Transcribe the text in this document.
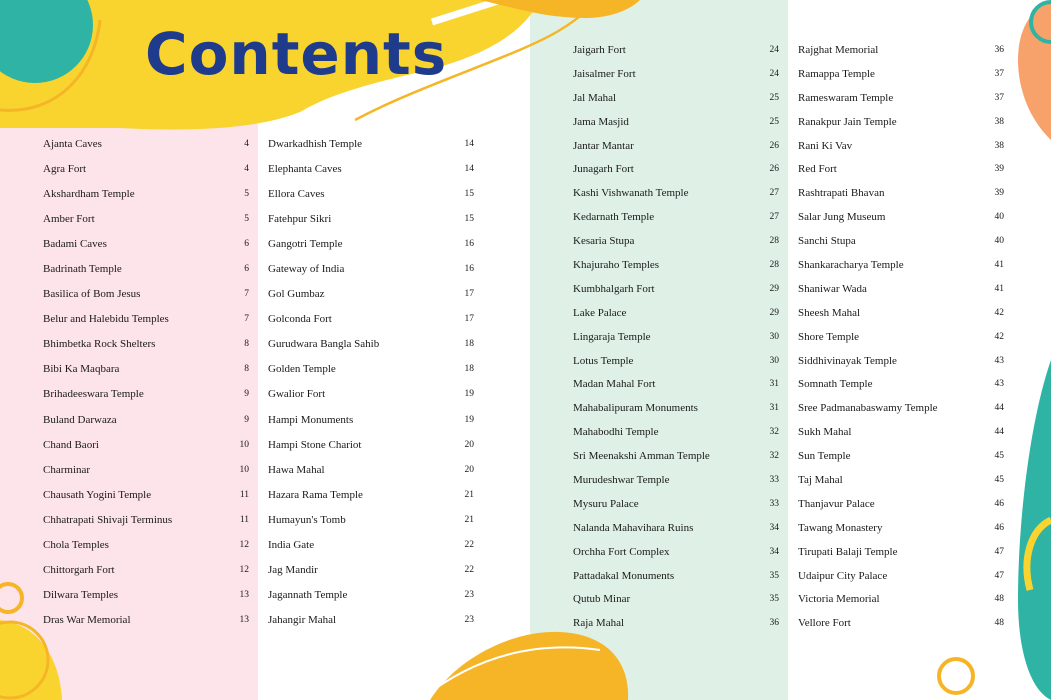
Contents
Ajanta Caves	4
Agra Fort	4
Akshardham Temple	5
Amber Fort	5
Badami Caves	6
Badrinath Temple	6
Basilica of Bom Jesus	7
Belur and Halebidu Temples	7
Bhimbetka Rock Shelters	8
Bibi Ka Maqbara	8
Brihadeeswara Temple	9
Buland Darwaza	9
Chand Baori	10
Charminar	10
Chausath Yogini Temple	11
Chhatrapati Shivaji Terminus	11
Chola Temples	12
Chittorgarh Fort	12
Dilwara Temples	13
Dras War Memorial	13
Dwarkadhish Temple	14
Elephanta Caves	14
Ellora Caves	15
Fatehpur Sikri	15
Gangotri Temple	16
Gateway of India	16
Gol Gumbaz	17
Golconda Fort	17
Gurudwara Bangla Sahib	18
Golden Temple	18
Gwalior Fort	19
Hampi Monuments	19
Hampi Stone Chariot	20
Hawa Mahal	20
Hazara Rama Temple	21
Humayun's Tomb	21
India Gate	22
Jag Mandir	22
Jagannath Temple	23
Jahangir Mahal	23
Jaigarh Fort	24
Jaisalmer Fort	24
Jal Mahal	25
Jama Masjid	25
Jantar Mantar	26
Junagarh Fort	26
Kashi Vishwanath Temple	27
Kedarnath Temple	27
Kesaria Stupa	28
Khajuraho Temples	28
Kumbhalgarh Fort	29
Lake Palace	29
Lingaraja Temple	30
Lotus Temple	30
Madan Mahal Fort	31
Mahabalipuram Monuments	31
Mahabodhi Temple	32
Sri Meenakshi Amman Temple	32
Murudeshwar Temple	33
Mysuru Palace	33
Nalanda Mahavihara Ruins	34
Orchha Fort Complex	34
Pattadakal Monuments	35
Qutub Minar	35
Raja Mahal	36
Rajghat Memorial	36
Ramappa Temple	37
Rameswaram Temple	37
Ranakpur Jain Temple	38
Rani Ki Vav	38
Red Fort	39
Rashtrapati Bhavan	39
Salar Jung Museum	40
Sanchi Stupa	40
Shankaracharya Temple	41
Shaniwar Wada	41
Sheesh Mahal	42
Shore Temple	42
Siddhivinayak Temple	43
Somnath Temple	43
Sree Padmanabaswamy Temple	44
Sukh Mahal	44
Sun Temple	45
Taj Mahal	45
Thanjavur Palace	46
Tawang Monastery	46
Tirupati Balaji Temple	47
Udaipur City Palace	47
Victoria Memorial	48
Vellore Fort	48
